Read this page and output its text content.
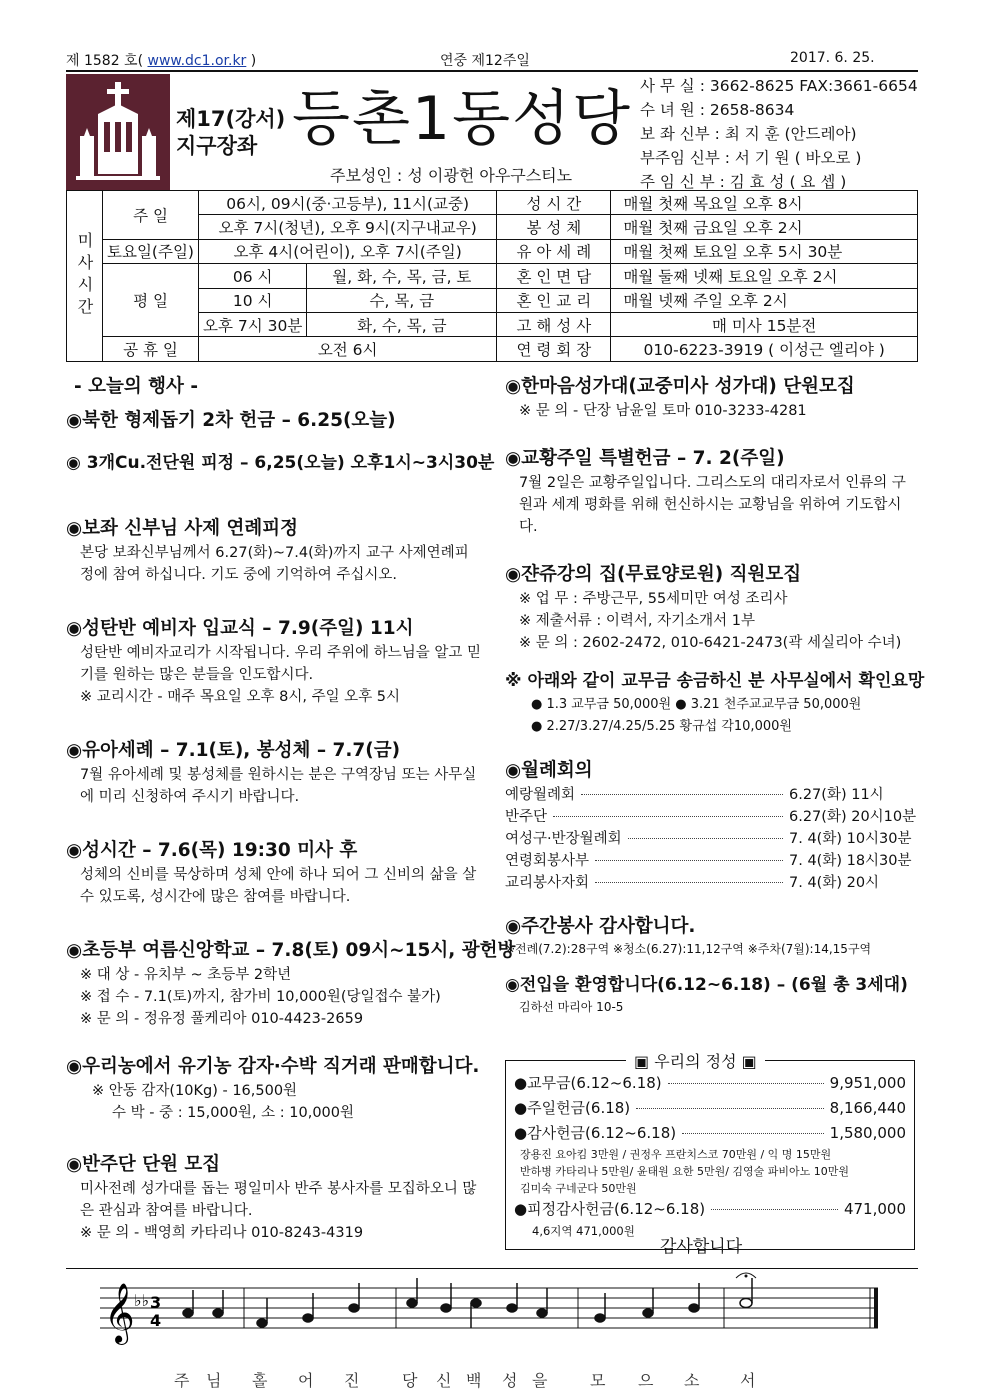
제 1582 호( www.dc1.or.kr )	연중 제12주일	2017. 6. 25.
제17(강서)
지구장좌 등촌1동성당
주보성인 : 성 이광헌 아우구스티노
사 무 실 : 3662-8625 FAX:3661-6654
수 녀 원 : 2658-8634
보 좌 신부 : 최 지 훈 (안드레아)
부주임 신부 : 서 기 원 ( 바오로 )
주 임 신 부 : 김 효 성 ( 요 셉 )
미사시간	주 일	06시, 09시(중·고등부), 11시(교중)		성 시 간	매월 첫째 목요일 오후 8시
		오후 7시(청년), 오후 9시(지구내교우)		봉 성 체	매월 첫째 금요일 오후 2시
	토요일(주일)	오후 4시(어린이), 오후 7시(주일)		유 아 세 례	매월 첫째 토요일 오후 5시 30분
	평 일	06 시	월, 화, 수, 목, 금, 토	혼 인 면 담	매월 둘째 넷째 토요일 오후 2시
		10 시	수, 목, 금	혼 인 교 리	매월 넷째 주일 오후 2시
		오후 7시 30분	화, 수, 목, 금	고 해 성 사	매 미사 15분전
	공 휴 일	오전 6시		연 령 회 장	010-6223-3919 ( 이성근 엘리야 )
- 오늘의 행사 -
◉북한 형제돕기 2차 헌금 – 6.25(오늘)
◉ 3개Cu.전단원 피정 – 6,25(오늘) 오후1시~3시30분
◉보좌 신부님 사제 연례피정
본당 보좌신부님께서 6.27(화)~7.4(화)까지 교구 사제연례피정에 참여 하십니다. 기도 중에 기억하여 주십시오.
◉성탄반 예비자 입교식 – 7.9(주일) 11시
성탄반 예비자교리가 시작됩니다. 우리 주위에 하느님을 알고 믿기를 원하는 많은 분들을 인도합시다.
※ 교리시간 - 매주 목요일 오후 8시, 주일 오후 5시
◉유아세례 – 7.1(토), 봉성체 – 7.7(금)
7월 유아세례 및 봉성체를 원하시는 분은 구역장님 또는 사무실에 미리 신청하여 주시기 바랍니다.
◉성시간 – 7.6(목) 19:30 미사 후
성체의 신비를 묵상하며 성체 안에 하나 되어 그 신비의 삶을 살 수 있도록, 성시간에 많은 참여를 바랍니다.
◉초등부 여름신앙학교 – 7.8(토) 09시~15시, 광헌방
※ 대 상 - 유치부 ~ 초등부 2학년
※ 접 수 - 7.1(토)까지, 참가비 10,000원(당일접수 불가)
※ 문 의 - 정유정 풀케리아 010-4423-2659
◉우리농에서 유기농 감자·수박 직거래 판매합니다.
※ 안동 감자(10Kg) - 16,500원
수 박 - 중 : 15,000원, 소 : 10,000원
◉반주단 단원 모집
미사전례 성가대를 돕는 평일미사 반주 봉사자를 모집하오니 많은 관심과 참여를 바랍니다.
※ 문 의 - 백영희 카타리나 010-8243-4319
◉한마음성가대(교중미사 성가대) 단원모집
※ 문 의 - 단장 남윤일 토마 010-3233-4281
◉교황주일 특별헌금 – 7. 2(주일)
7월 2일은 교황주일입니다. 그리스도의 대리자로서 인류의 구원과 세계 평화를 위해 헌신하시는 교황님을 위하여 기도합시다.
◉쟌쥬강의 집(무료양로원) 직원모집
※ 업 무 : 주방근무, 55세미만 여성 조리사
※ 제출서류 : 이력서, 자기소개서 1부
※ 문 의 : 2602-2472, 010-6421-2473(곽 세실리아 수녀)
※ 아래와 같이 교무금 송금하신 분 사무실에서 확인요망
● 1.3 교무금 50,000원 ● 3.21 천주교교무금 50,000원
● 2.27/3.27/4.25/5.25 황규섭 각10,000원
◉월례회의
예랑월례회	6.27(화) 11시
반주단	6.27(화) 20시10분
여성구·반장월례회	7. 4(화) 10시30분
연령회봉사부	7. 4(화) 18시30분
교리봉사자회	7. 4(화) 20시
◉주간봉사 감사합니다.
※전례(7.2):28구역 ※청소(6.27):11,12구역 ※주차(7월):14,15구역
◉전입을 환영합니다(6.12~6.18) – (6월 총 3세대)
김하선 마리아 10-5
▣ 우리의 정성 ▣
●교무금(6.12~6.18)	9,951,000
●주일헌금(6.18)	8,166,440
●감사헌금(6.12~6.18)	1,580,000
장용진 요아킴 3만원 / 권정우 프란치스코 70만원 / 익 명 15만원
반하병 카타리나 5만원/ 윤태원 요한 5만원/ 김영술 파비아노 10만원
김미숙 구네군다 50만원
●피정감사헌금(6.12~6.18)	471,000
4,6지역 471,000원
감사합니다
𝄞 ♭♭ 3
4
주 님 홀 어 진	당 신 백 성 을	모 으 소	서
